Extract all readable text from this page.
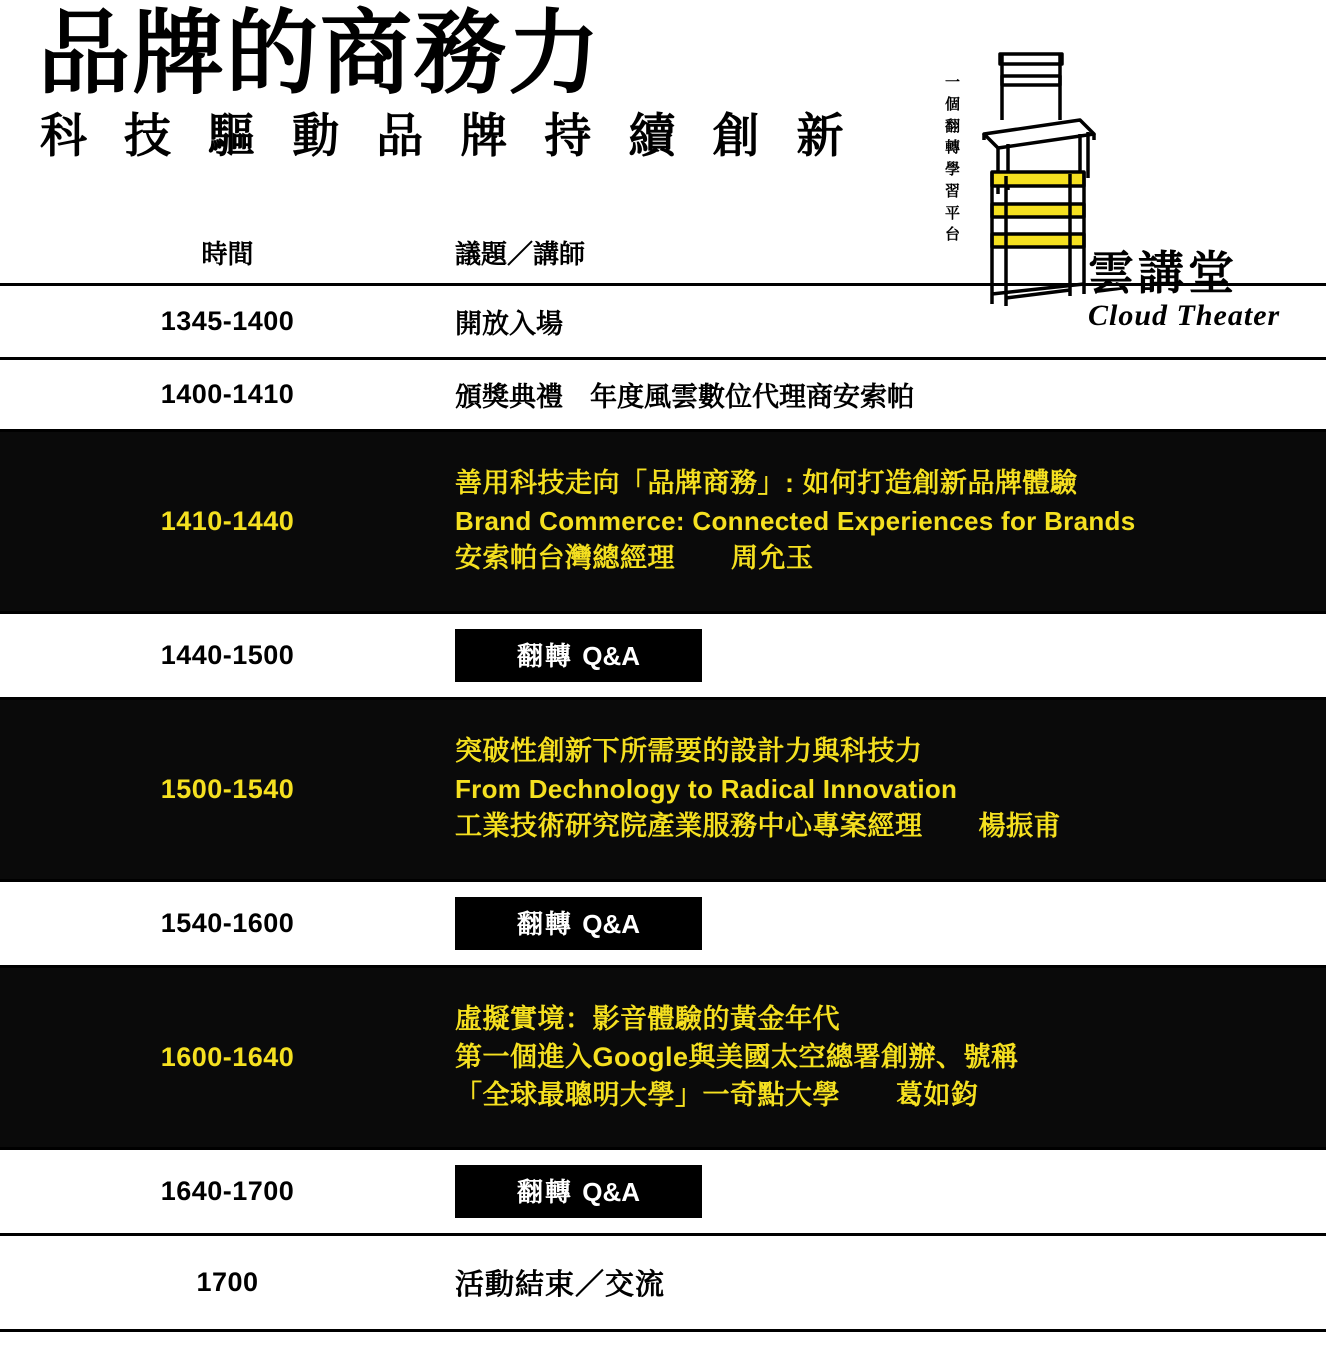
品牌的商務力
科 技 驅 動 品 牌 持 續 創 新
一個翻轉學習平台
雲講堂
Cloud Theater
時間	議題／講師
1345-1400	開放入場
1400-1410	頒獎典禮　年度風雲數位代理商安索帕
1410-1440	善用科技走向「品牌商務」: 如何打造創新品牌體驗
Brand Commerce: Connected Experiences for Brands
安索帕台灣總經理 周允玉

1440-1500	翻轉 Q&A
1500-1540	突破性創新下所需要的設計力與科技力
From Dechnology to Radical Innovation
工業技術研究院產業服務中心專案經理 楊振甫

1540-1600	翻轉 Q&A
1600-1640	虛擬實境：影音體驗的黃金年代
第一個進入Google與美國太空總署創辦、號稱
「全球最聰明大學」一奇點大學 葛如鈞

1640-1700	翻轉 Q&A
1700	活動結束／交流
